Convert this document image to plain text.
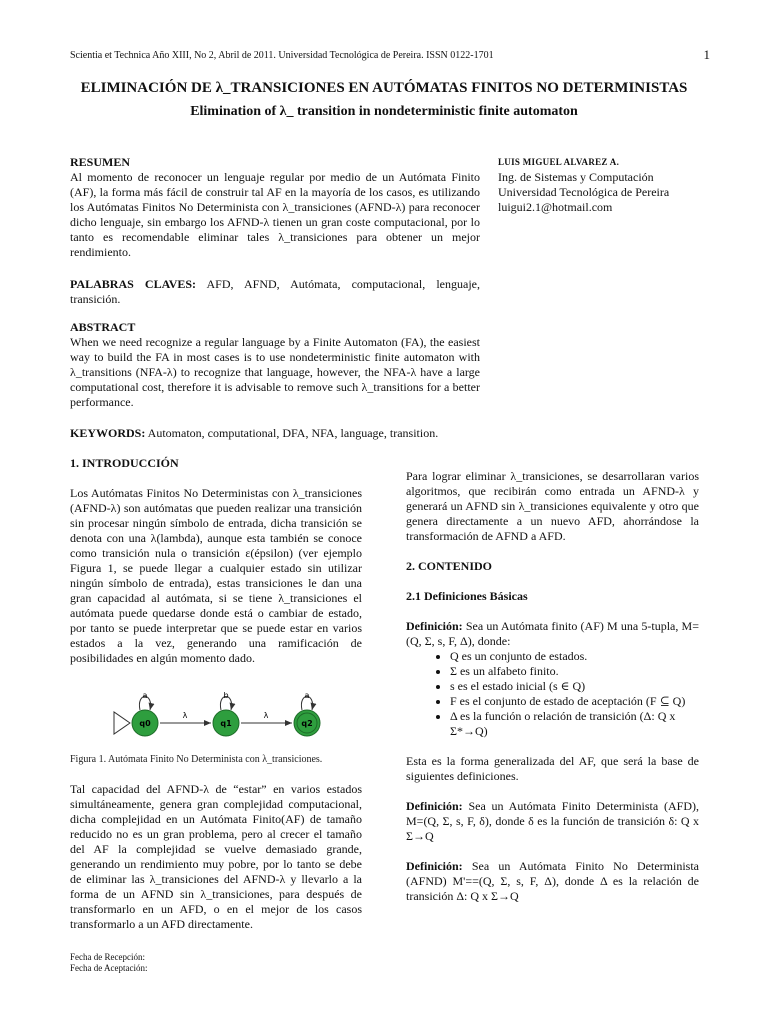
Scientia et Technica Año XIII, No 2, Abril de 2011. Universidad Tecnológica de Pereira. ISSN 0122-1701	1
ELIMINACIÓN DE λ_TRANSICIONES EN AUTÓMATAS FINITOS NO DETERMINISTAS
Elimination of λ_ transition in nondeterministic finite automaton
LUIS MIGUEL ALVAREZ A.
Ing. de Sistemas y Computación
Universidad Tecnológica de Pereira
luigui2.1@hotmail.com

RESUMEN

Al momento de reconocer un lenguaje regular por medio de un Autómata Finito (AF), la forma más fácil de construir tal AF en la mayoría de los casos, es utilizando los Autómatas Finitos No Determinista con λ_transiciones (AFND-λ) para reconocer dicho lenguaje, sin embargo los AFND-λ tienen un gran coste computacional, por lo tanto es recomendable eliminar tales λ_transiciones para obtener un mejor rendimiento.

PALABRAS CLAVES: AFD, AFND, Autómata, computacional, lenguaje, transición.

ABSTRACT

When we need recognize a regular language by a Finite Automaton (FA), the easiest way to build the FA in most cases is to use nondeterministic finite automaton with λ_transitions (NFA-λ) to recognize that language, however, the NFA-λ have a large computational cost, therefore it is advisable to remove such λ_transitions for a better performance.

KEYWORDS: Automaton, computational, DFA, NFA, language, transition.

1. INTRODUCCIÓN

Los Autómatas Finitos No Deterministas con λ_transiciones (AFND-λ) son autómatas que pueden realizar una transición sin procesar ningún símbolo de entrada, dicha transición se denota con una λ(lambda), aunque esta también se conoce como transición nula o transición ε(épsilon) (ver ejemplo Figura 1, se puede llegar a cualquier estado sin utilizar ningún símbolo de entrada), estas transiciones le dan una gran capacidad al autómata, si se tiene λ_transiciones el autómata puede quedarse donde está o cambiar de estado, por tanto se puede interpretar que se puede estar en varios estados a la vez, generando una ramificación de posibilidades en algún momento dado.

a	b	a
λ	λ
q0	q1	q2
Figura 1. Autómata Finito No Determinista con λ_transiciones.

Tal capacidad del AFND-λ de “estar” en varios estados simultáneamente, genera gran complejidad computacional, dicha complejidad en un Autómata Finito(AF) de tamaño reducido no es un gran problema, pero al crecer el tamaño del AF la complejidad se vuelve demasiado grande, generando un rendimiento muy pobre, por lo tanto se debe de eliminar las λ_transiciones del AFND-λ y llevarlo a la forma de un AFND sin λ_transiciones, para después de transformarlo en un AFD, o en el mejor de los casos transformarlo a un AFD directamente.

Para lograr eliminar λ_transiciones, se desarrollaran varios algoritmos, que recibirán como entrada un AFND-λ y generará un AFND sin λ_transiciones equivalente y otro que genera directamente a un nuevo AFD, ahorrándose la transformación de AFND a AFD.

2. CONTENIDO

2.1 Definiciones Básicas

Definición: Sea un Autómata finito (AF) M una 5-tupla, M=(Q, Σ, s, F, Δ), donde:

• Q es un conjunto de estados.
• Σ es un alfabeto finito.
• s es el estado inicial (s ∈ Q)
• F es el conjunto de estado de aceptación (F ⊆ Q)
• Δ es la función o relación de transición (Δ: Q x Σ*→Q)

Esta es la forma generalizada del AF, que será la base de siguientes definiciones.

Definición: Sea un Autómata Finito Determinista (AFD), M=(Q, Σ, s, F, δ), donde δ es la función de transición δ: Q x Σ→Q

Definición: Sea un Autómata Finito No Determinista (AFND) M'==(Q, Σ, s, F, Δ), donde Δ es la relación de transición Δ: Q x Σ→Q

Fecha de Recepción:
Fecha de Aceptación:
